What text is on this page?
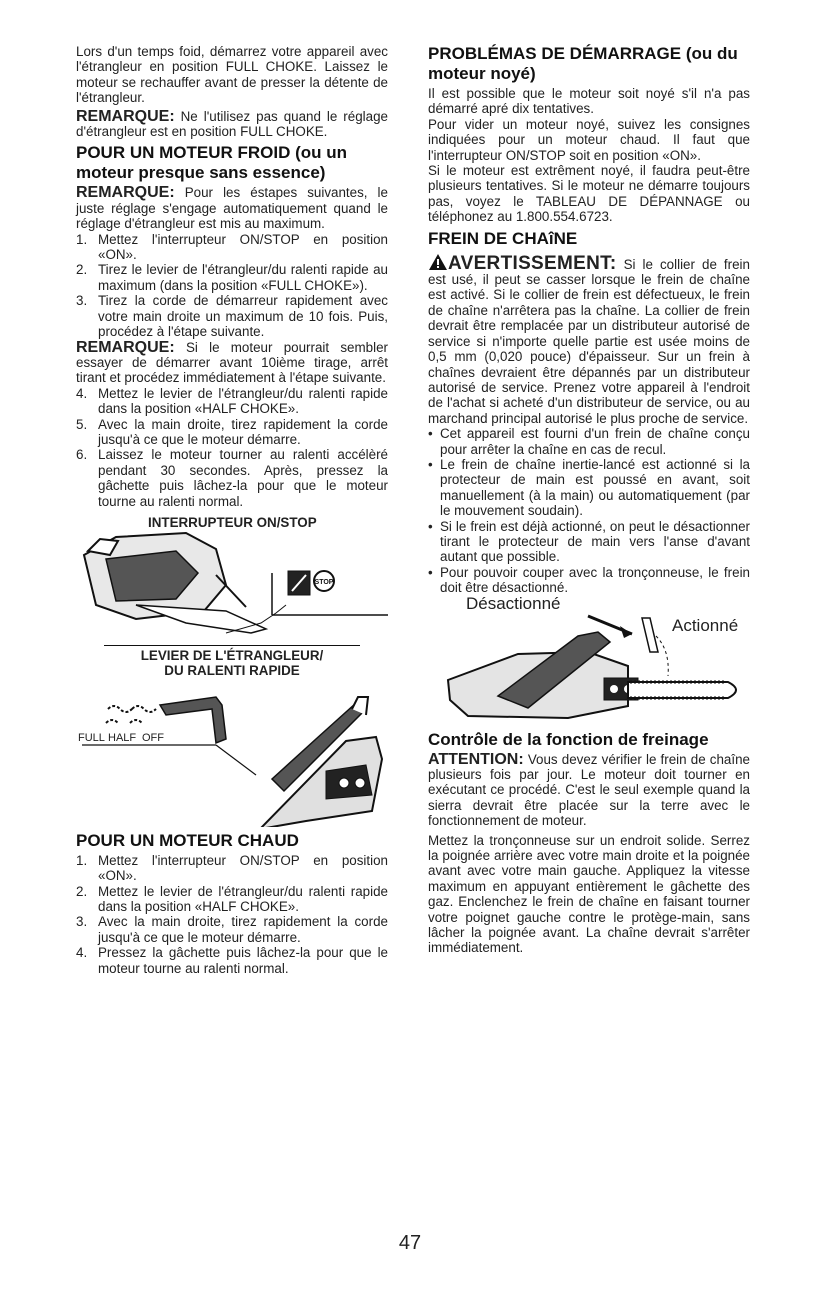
Lors d'un temps foid, démarrez votre appareil avec l'étrangleur en position FULL CHOKE. Laissez le moteur se rechauffer avant de presser la détente de l'étrangleur.

REMARQUE: Ne l'utilisez pas quand le réglage d'étrangleur est en position FULL CHOKE.

POUR UN MOTEUR FROID (ou un moteur presque sans essence)

REMARQUE: Pour les éstapes suivantes, le juste réglage s'engage automatiquement quand le réglage d'étrangleur est mis au maximum.

1. Mettez l'interrupteur ON/STOP en position «ON».
2. Tirez le levier de l'étrangleur/du ralenti rapide au maximum (dans la position «FULL CHOKE»).
3. Tirez la corde de démarreur rapidement avec votre main droite un maximum de 10 fois. Puis, procédez à l'étape suivante.

REMARQUE: Si le moteur pourrait sembler essayer de démarrer avant 10ième tirage, arrêt tirant et procédez immédiatement à l'étape suivante.

4. Mettez le levier de l'étrangleur/du ralenti rapide dans la position «HALF CHOKE».
5. Avec la main droite, tirez rapidement la corde jusqu'à ce que le moteur démarre.
6. Laissez le moteur tourner au ralenti accélèré pendant 30 secondes. Après, pressez la gâchette puis lâchez-la pour que le moteur tourne au ralenti normal.
INTERRUPTEUR ON/STOP
STOP
LEVIER DE L'ÉTRANGLEUR/
DU RALENTI RAPIDE
FULL HALF OFF
POUR UN MOTEUR CHAUD
1. Mettez l'interrupteur ON/STOP en position «ON».
2. Mettez le levier de l'étrangleur/du ralenti rapide dans la position «HALF CHOKE».
3. Avec la main droite, tirez rapidement la corde jusqu'à ce que le moteur démarre.
4. Pressez la gâchette puis lâchez-la pour que le moteur tourne au ralenti normal.
PROBLÉMAS DE DÉMARRAGE (ou du moteur noyé)

Il est possible que le moteur soit noyé s'il n'a pas démarré apré dix tentatives.

Pour vider un moteur noyé, suivez les consignes indiquées pour un moteur chaud. Il faut que l'interrupteur ON/STOP soit en position «ON».

Si le moteur est extrêment noyé, il faudra peut-être plusieurs tentatives. Si le moteur ne démarre toujours pas, voyez le TABLEAU DE DÉPANNAGE ou téléphonez au 1.800.554.6723.

FREIN DE CHAîNE

AVERTISSEMENT: Si le collier de frein est usé, il peut se casser lorsque le frein de chaîne est activé. Si le collier de frein est défectueux, le frein de chaîne n'arrêtera pas la chaîne. La collier de frein devrait être remplacée par un distributeur autorisé de service si n'importe quelle partie est usée moins de 0,5 mm (0,020 pouce) d'épaisseur. Sur un frein à chaînes devraient être dépannés par un distributeur autorisé de service. Prenez votre appareil à l'endroit de l'achat si acheté d'un distributeur de service, ou au marchand principal autorisé le plus proche de service.

• Cet appareil est fourni d'un frein de chaîne conçu pour arrêter la chaîne en cas de recul.
• Le frein de chaîne inertie-lancé est actionné si la protecteur de main est poussé en avant, soit manuellement (à la main) ou automatiquement (par le mouvement soudain).
• Si le frein est déjà actionné, on peut le désactionner tirant le protecteur de main vers l'anse d'avant autant que possible.
• Pour pouvoir couper avec la tronçonneuse, le frein doit être désactionné.
Désactionné
Actionné
Contrôle de la fonction de freinage

ATTENTION: Vous devez vérifier le frein de chaîne plusieurs fois par jour. Le moteur doit tourner en exécutant ce procédé. C'est le seul exemple quand la sierra devrait être placée sur la terre avec le fonctionnement de moteur.

Mettez la tronçonneuse sur un endroit solide. Serrez la poignée arrière avec votre main droite et la poignée avant avec votre main gauche. Appliquez la vitesse maximum en appuyant entièrement le gâchette des gaz. Enclenchez le frein de chaîne en faisant tourner votre poignet gauche contre le protège-main, sans lâcher la poignée avant. La chaîne devrait s'arrêter immédiatement.

47
